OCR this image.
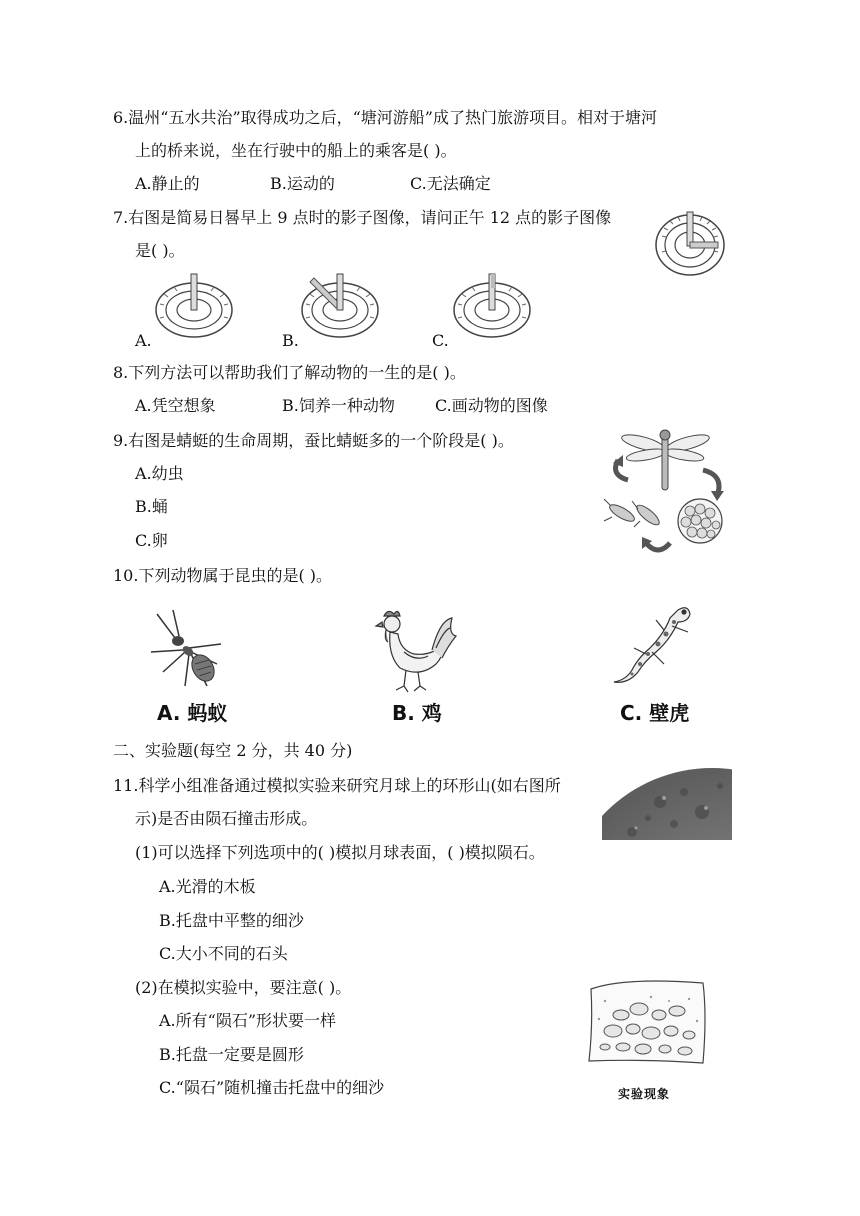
6.温州“五水共治”取得成功之后，“塘河游船”成了热门旅游项目。相对于塘河
上的桥来说，坐在行驶中的船上的乘客是( )。
A.静止的	B.运动的	C.无法确定
7.右图是简易日晷早上 9 点时的影子图像，请问正午 12 点的影子图像
是( )。
A.	B.	C.
8.下列方法可以帮助我们了解动物的一生的是( )。
A.凭空想象	B.饲养一种动物	C.画动物的图像
9.右图是蜻蜓的生命周期，蚕比蜻蜓多的一个阶段是( )。
A.幼虫
B.蛹
C.卵
10.下列动物属于昆虫的是( )。
A. 蚂蚁	B. 鸡	C. 壁虎
二、实验题(每空 2 分，共 40 分)
11.科学小组准备通过模拟实验来研究月球上的环形山(如右图所
示)是否由陨石撞击形成。
(1)可以选择下列选项中的( )模拟月球表面，( )模拟陨石。
A.光滑的木板
B.托盘中平整的细沙
C.大小不同的石头
(2)在模拟实验中，要注意( )。
A.所有“陨石”形状要一样
B.托盘一定要是圆形
C.“陨石”随机撞击托盘中的细沙	实验现象
